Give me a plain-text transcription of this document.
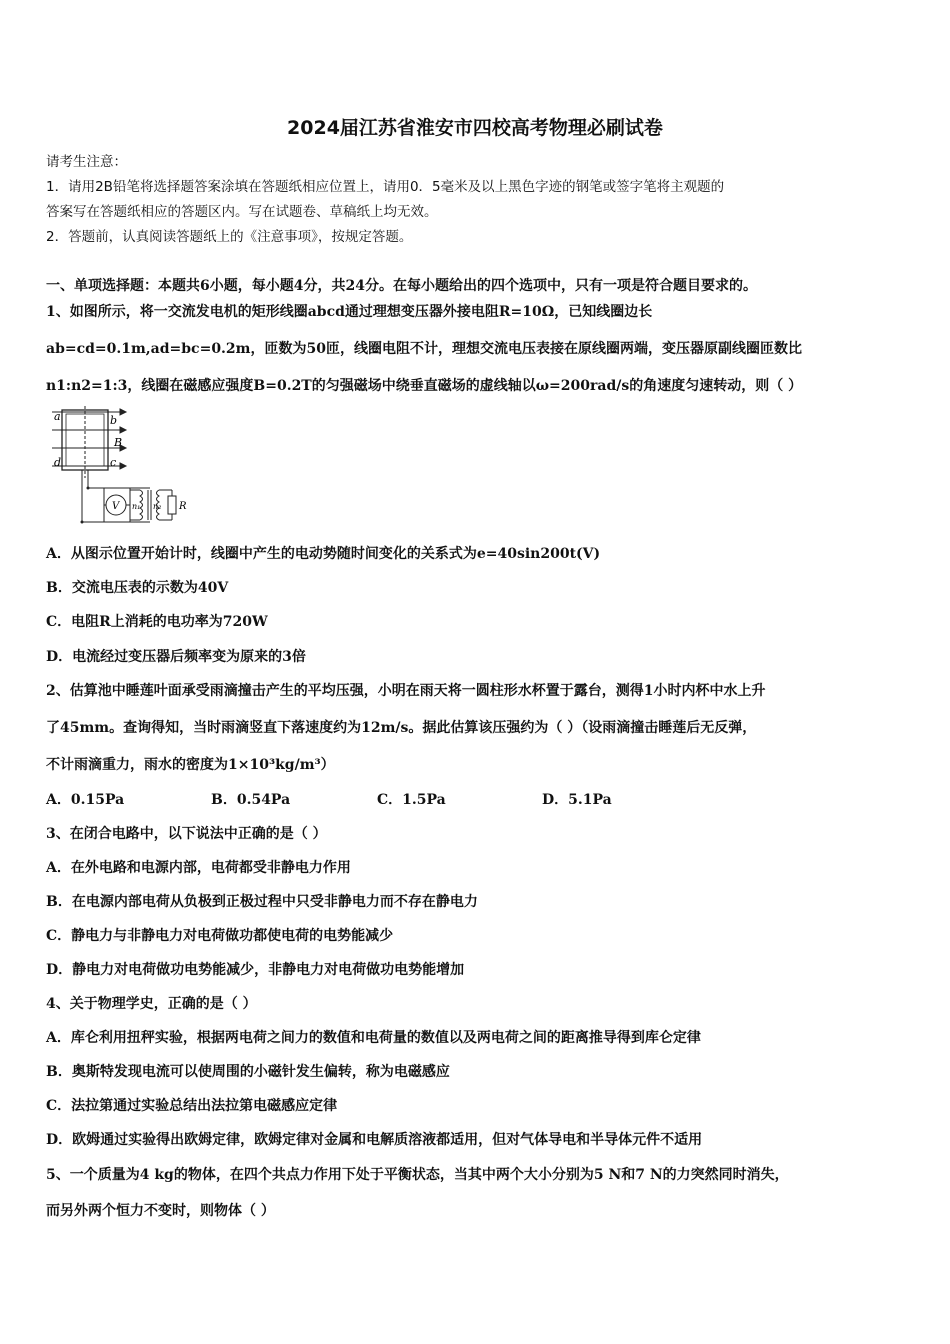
2024届江苏省淮安市四校高考物理必刷试卷
请考生注意：
1．请用2B铅笔将选择题答案涂填在答题纸相应位置上，请用0．5毫米及以上黑色字迹的钢笔或签字笔将主观题的
答案写在答题纸相应的答题区内。写在试题卷、草稿纸上均无效。
2．答题前，认真阅读答题纸上的《注意事项》，按规定答题。
一、单项选择题：本题共6小题，每小题4分，共24分。在每小题给出的四个选项中，只有一项是符合题目要求的。
1、如图所示，将一交流发电机的矩形线圈abcd通过理想变压器外接电阻R=10Ω，已知线圈边长
ab=cd=0.1m,ad=bc=0.2m，匝数为50匝，线圈电阻不计，理想交流电压表接在原线圈两端，变压器原副线圈匝数比
n1:n2=1:3，线圈在磁感应强度B=0.2T的匀强磁场中绕垂直磁场的虚线轴以ω=200rad/s的角速度匀速转动，则（ ）
a	b
B
c
d
V n₁ n₂ R
A．从图示位置开始计时，线圈中产生的电动势随时间变化的关系式为e=40sin200t(V)
B．交流电压表的示数为40V
C．电阻R上消耗的电功率为720W
D．电流经过变压器后频率变为原来的3倍
2、估算池中睡莲叶面承受雨滴撞击产生的平均压强，小明在雨天将一圆柱形水杯置于露台，测得1小时内杯中水上升
了45mm。查询得知，当时雨滴竖直下落速度约为12m/s。据此估算该压强约为（ ）（设雨滴撞击睡莲后无反弹，
不计雨滴重力，雨水的密度为1×10³kg/m³）
A．0.15Pa	B．0.54Pa	C．1.5Pa	D．5.1Pa
3、在闭合电路中，以下说法中正确的是（ ）
A．在外电路和电源内部，电荷都受非静电力作用
B．在电源内部电荷从负极到正极过程中只受非静电力而不存在静电力
C．静电力与非静电力对电荷做功都使电荷的电势能减少
D．静电力对电荷做功电势能减少，非静电力对电荷做功电势能增加
4、关于物理学史，正确的是（ ）
A．库仑利用扭秤实验，根据两电荷之间力的数值和电荷量的数值以及两电荷之间的距离推导得到库仑定律
B．奥斯特发现电流可以使周围的小磁针发生偏转，称为电磁感应
C．法拉第通过实验总结出法拉第电磁感应定律
D．欧姆通过实验得出欧姆定律，欧姆定律对金属和电解质溶液都适用，但对气体导电和半导体元件不适用
5、一个质量为4 kg的物体，在四个共点力作用下处于平衡状态，当其中两个大小分别为5 N和7 N的力突然同时消失，
而另外两个恒力不变时，则物体（ ）
